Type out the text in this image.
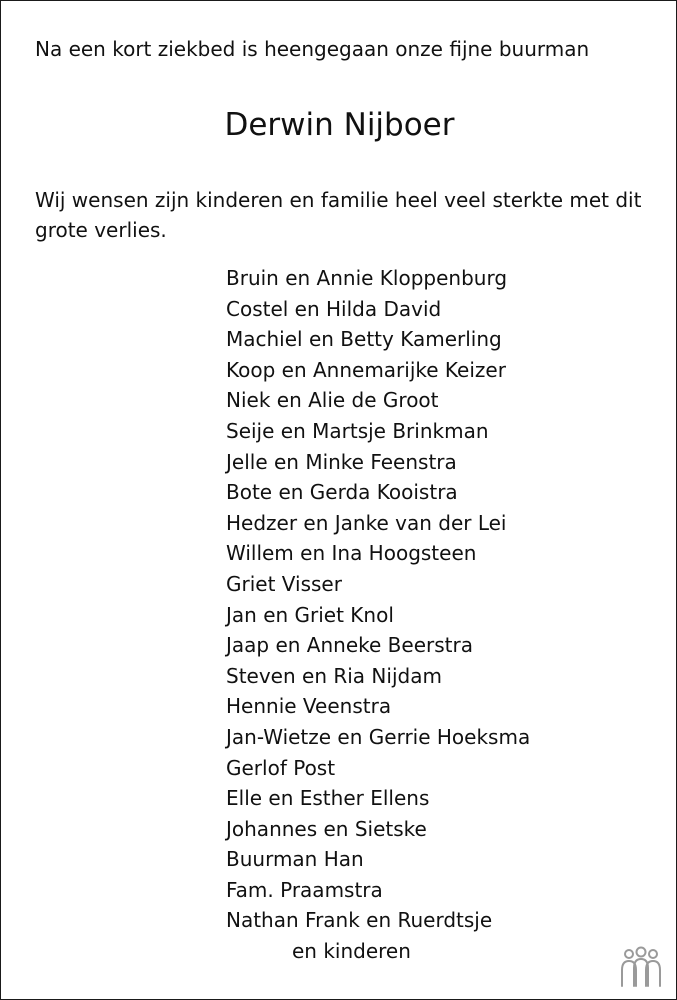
Na een kort ziekbed is heengegaan onze fijne buurman
Derwin Nijboer

Wij wensen zijn kinderen en familie heel veel sterkte met dit grote verlies.

Bruin en Annie Kloppenburg
Costel en Hilda David
Machiel en Betty Kamerling
Koop en Annemarijke Keizer
Niek en Alie de Groot
Seije en Martsje Brinkman
Jelle en Minke Feenstra
Bote en Gerda Kooistra
Hedzer en Janke van der Lei
Willem en Ina Hoogsteen
Griet Visser
Jan en Griet Knol
Jaap en Anneke Beerstra
Steven en Ria Nijdam
Hennie Veenstra
Jan-Wietze en Gerrie Hoeksma
Gerlof Post
Elle en Esther Ellens
Johannes en Sietske
Buurman Han
Fam. Praamstra
Nathan Frank en Ruerdtsje
en kinderen
